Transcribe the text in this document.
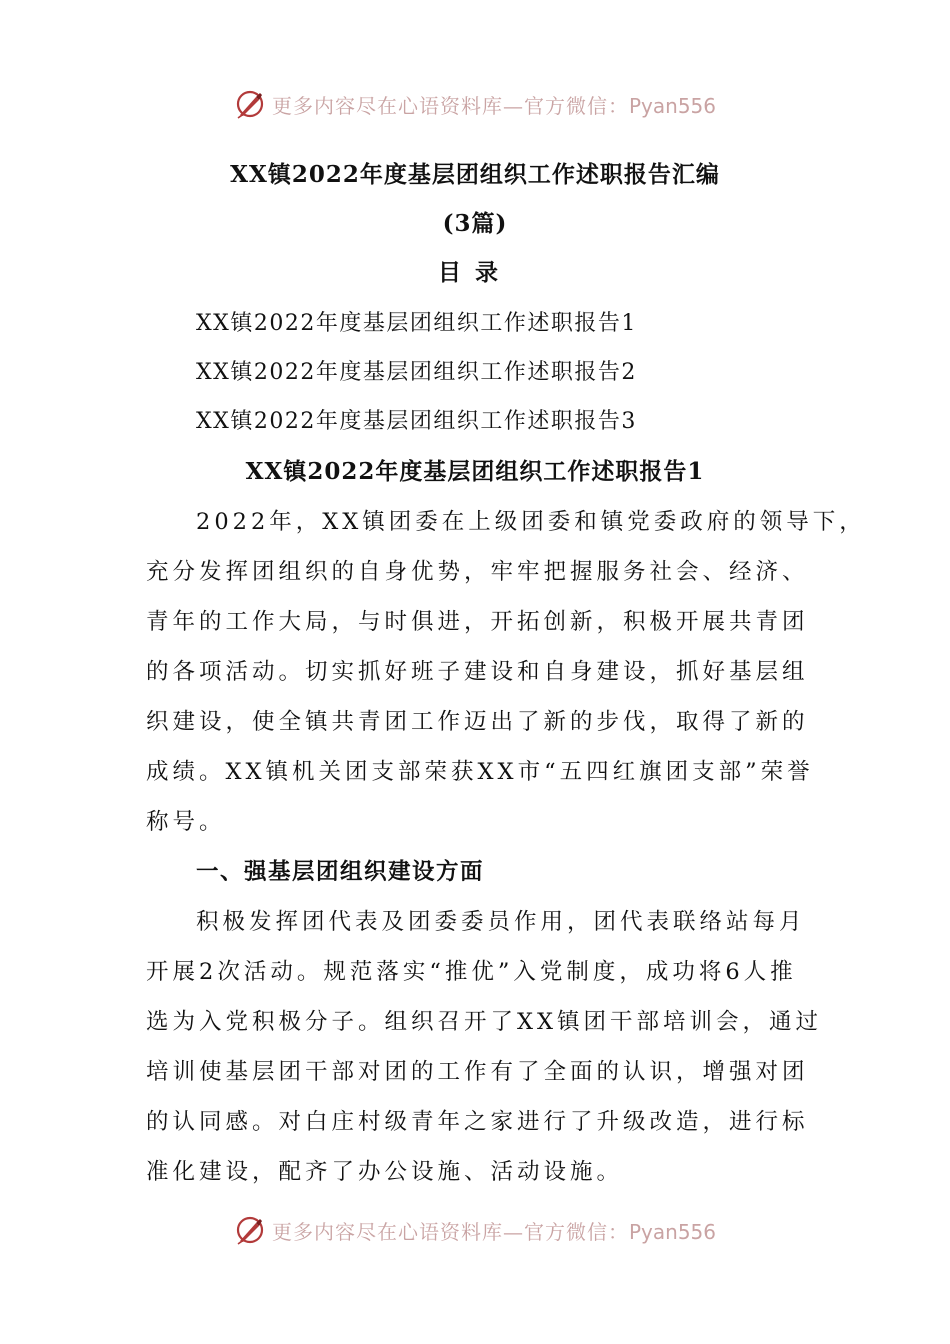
更多内容尽在心语资料库—官方微信：Pyan556
XX镇2022年度基层团组织工作述职报告汇编
(3篇)
目录
XX镇2022年度基层团组织工作述职报告1
XX镇2022年度基层团组织工作述职报告2
XX镇2022年度基层团组织工作述职报告3
XX镇2022年度基层团组织工作述职报告1
2022年，XX镇团委在上级团委和镇党委政府的领导下，
充分发挥团组织的自身优势，牢牢把握服务社会、经济、
青年的工作大局，与时俱进，开拓创新，积极开展共青团
的各项活动。切实抓好班子建设和自身建设，抓好基层组
织建设，使全镇共青团工作迈出了新的步伐，取得了新的
成绩。XX镇机关团支部荣获XX市“五四红旗团支部”荣誉
称号。
一、强基层团组织建设方面
积极发挥团代表及团委委员作用，团代表联络站每月
开展2次活动。规范落实“推优”入党制度，成功将6人推
选为入党积极分子。组织召开了XX镇团干部培训会，通过
培训使基层团干部对团的工作有了全面的认识，增强对团
的认同感。对白庄村级青年之家进行了升级改造，进行标
准化建设，配齐了办公设施、活动设施。
更多内容尽在心语资料库—官方微信：Pyan556
